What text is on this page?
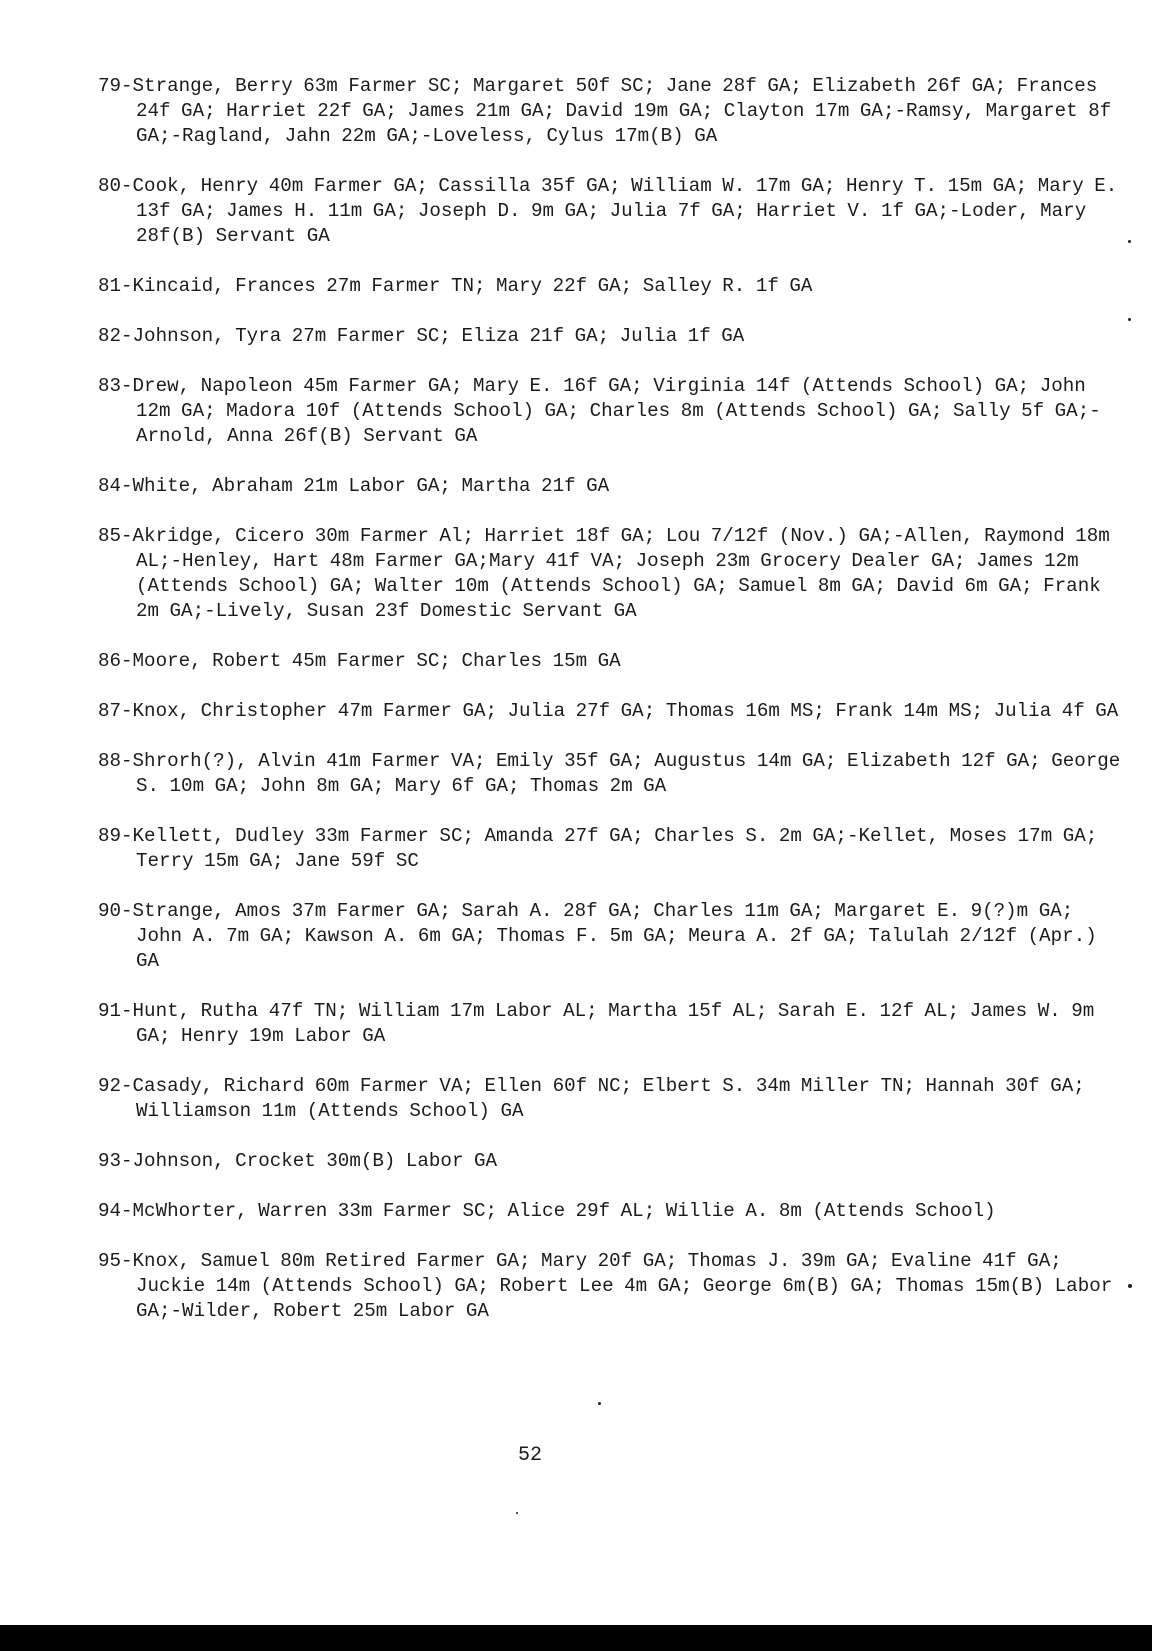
79-Strange, Berry 63m Farmer SC; Margaret 50f SC; Jane 28f GA; Elizabeth 26f GA; Frances 24f GA; Harriet 22f GA; James 21m GA; David 19m GA; Clayton 17m GA;-Ramsy, Margaret 8f GA;-Ragland, Jahn 22m GA;-Loveless, Cylus 17m(B) GA

80-Cook, Henry 40m Farmer GA; Cassilla 35f GA; William W. 17m GA; Henry T. 15m GA; Mary E. 13f GA; James H. 11m GA; Joseph D. 9m GA; Julia 7f GA; Harriet V. 1f GA;-Loder, Mary 28f(B) Servant GA

81-Kincaid, Frances 27m Farmer TN; Mary 22f GA; Salley R. 1f GA

82-Johnson, Tyra 27m Farmer SC; Eliza 21f GA; Julia 1f GA

83-Drew, Napoleon 45m Farmer GA; Mary E. 16f GA; Virginia 14f (Attends School) GA; John 12m GA; Madora 10f (Attends School) GA; Charles 8m (Attends School) GA; Sally 5f GA;-Arnold, Anna 26f(B) Servant GA

84-White, Abraham 21m Labor GA; Martha 21f GA

85-Akridge, Cicero 30m Farmer Al; Harriet 18f GA; Lou 7/12f (Nov.) GA;-Allen, Raymond 18m AL;-Henley, Hart 48m Farmer GA;Mary 41f VA; Joseph 23m Grocery Dealer GA; James 12m (Attends School) GA; Walter 10m (Attends School) GA; Samuel 8m GA; David 6m GA; Frank 2m GA;-Lively, Susan 23f Domestic Servant GA

86-Moore, Robert 45m Farmer SC; Charles 15m GA

87-Knox, Christopher 47m Farmer GA; Julia 27f GA; Thomas 16m MS; Frank 14m MS; Julia 4f GA

88-Shrorh(?), Alvin 41m Farmer VA; Emily 35f GA; Augustus 14m GA; Elizabeth 12f GA; George S. 10m GA; John 8m GA; Mary 6f GA; Thomas 2m GA

89-Kellett, Dudley 33m Farmer SC; Amanda 27f GA; Charles S. 2m GA;-Kellet, Moses 17m GA; Terry 15m GA; Jane 59f SC

90-Strange, Amos 37m Farmer GA; Sarah A. 28f GA; Charles 11m GA; Margaret E. 9(?)m GA; John A. 7m GA; Kawson A. 6m GA; Thomas F. 5m GA; Meura A. 2f GA; Talulah 2/12f (Apr.) GA

91-Hunt, Rutha 47f TN; William 17m Labor AL; Martha 15f AL; Sarah E. 12f AL; James W. 9m GA; Henry 19m Labor GA

92-Casady, Richard 60m Farmer VA; Ellen 60f NC; Elbert S. 34m Miller TN; Hannah 30f GA; Williamson 11m (Attends School) GA

93-Johnson, Crocket 30m(B) Labor GA

94-McWhorter, Warren 33m Farmer SC; Alice 29f AL; Willie A. 8m (Attends School)

95-Knox, Samuel 80m Retired Farmer GA; Mary 20f GA; Thomas J. 39m GA; Evaline 41f GA; Juckie 14m (Attends School) GA; Robert Lee 4m GA; George 6m(B) GA; Thomas 15m(B) Labor GA;-Wilder, Robert 25m Labor GA

52
